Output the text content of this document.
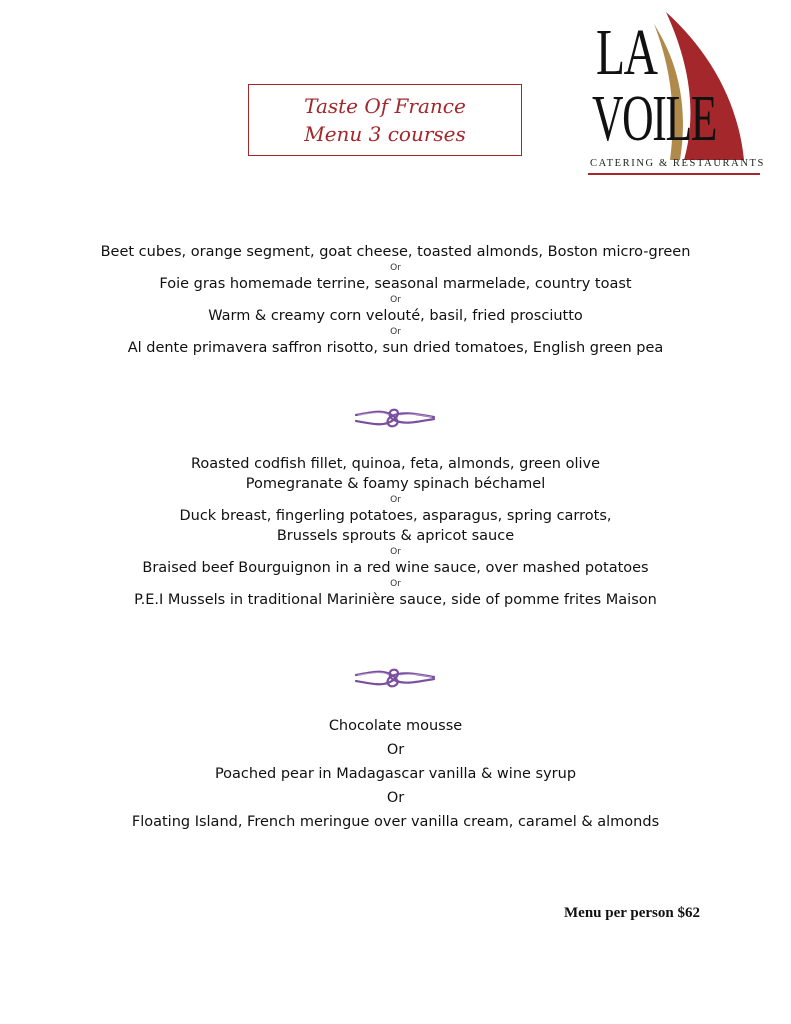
Taste Of France
Menu 3 courses
LA
VOILE
CATERING & RESTAURANTS
Beet cubes, orange segment, goat cheese, toasted almonds, Boston micro-green
Or
Foie gras homemade terrine, seasonal marmelade, country toast
Or
Warm & creamy corn velouté, basil, fried prosciutto
Or
Al dente primavera saffron risotto, sun dried tomatoes, English green pea
Roasted codfish fillet, quinoa, feta, almonds, green olive
Pomegranate & foamy spinach béchamel
Or
Duck breast, fingerling potatoes, asparagus, spring carrots,
Brussels sprouts & apricot sauce
Or
Braised beef Bourguignon in a red wine sauce, over mashed potatoes
Or
P.E.I Mussels in traditional Marinière sauce, side of pomme frites Maison
Chocolate mousse
Or
Poached pear in Madagascar vanilla & wine syrup
Or
Floating Island, French meringue over vanilla cream, caramel & almonds
Menu per person $62
